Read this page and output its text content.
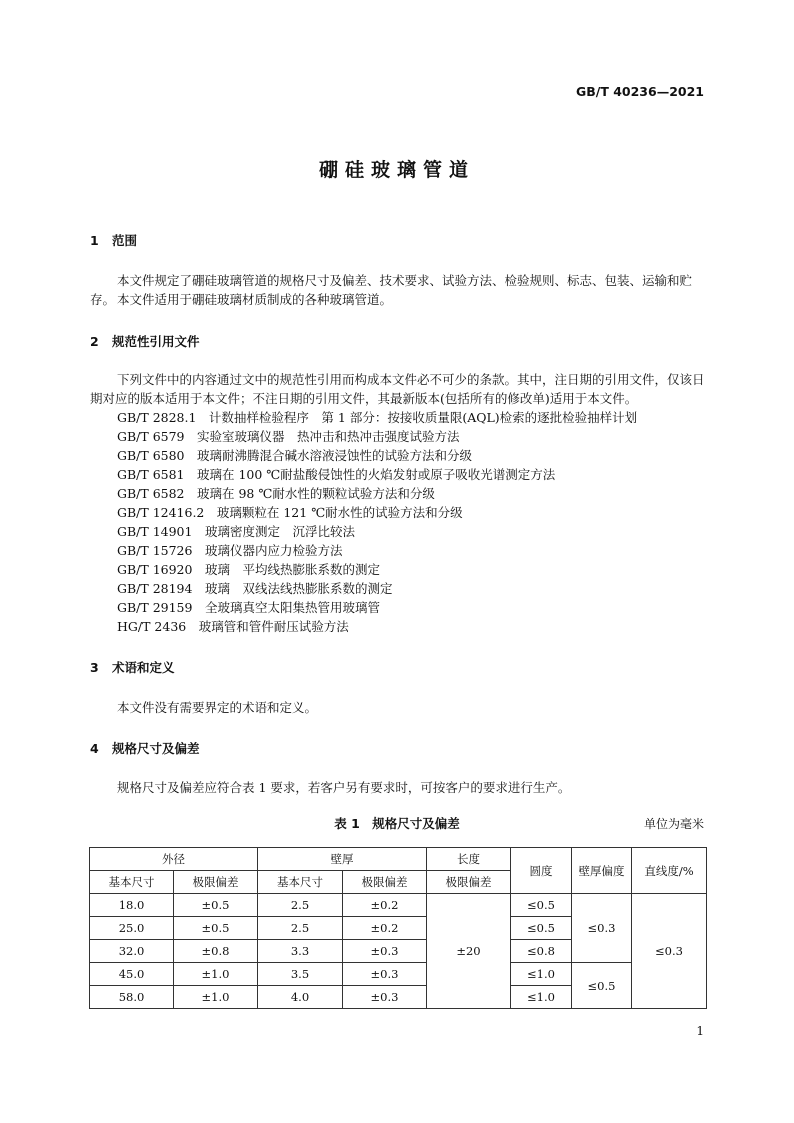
GB/T 40236—2021
硼硅玻璃管道
1 范围
本文件规定了硼硅玻璃管道的规格尺寸及偏差、技术要求、试验方法、检验规则、标志、包装、运输和贮存。 本文件适用于硼硅玻璃材质制成的各种玻璃管道。
2 规范性引用文件
下列文件中的内容通过文中的规范性引用而构成本文件必不可少的条款。其中，注日期的引用文件，仅该日期对应的版本适用于本文件；不注日期的引用文件，其最新版本(包括所有的修改单)适用于本文件。
GB/T 2828.1　计数抽样检验程序　第 1 部分：按接收质量限(AQL)检索的逐批检验抽样计划
GB/T 6579　实验室玻璃仪器　热冲击和热冲击强度试验方法
GB/T 6580　玻璃耐沸腾混合碱水溶液浸蚀性的试验方法和分级
GB/T 6581　玻璃在 100 ℃耐盐酸侵蚀性的火焰发射或原子吸收光谱测定方法
GB/T 6582　玻璃在 98 ℃耐水性的颗粒试验方法和分级
GB/T 12416.2　玻璃颗粒在 121 ℃耐水性的试验方法和分级
GB/T 14901　玻璃密度测定　沉浮比较法
GB/T 15726　玻璃仪器内应力检验方法
GB/T 16920　玻璃　平均线热膨胀系数的测定
GB/T 28194　玻璃　双线法线热膨胀系数的测定
GB/T 29159　全玻璃真空太阳集热管用玻璃管
HG/T 2436　玻璃管和管件耐压试验方法
3 术语和定义
本文件没有需要界定的术语和定义。
4 规格尺寸及偏差
规格尺寸及偏差应符合表 1 要求，若客户另有要求时，可按客户的要求进行生产。
表 1　规格尺寸及偏差	单位为毫米
外径		壁厚		长度	圆度	壁厚偏度	直线度/%
基本尺寸	极限偏差	基本尺寸	极限偏差	极限偏差			
18.0	±0.5	2.5	±0.2	±20	≤0.5	≤0.3	≤0.3
25.0	±0.5	2.5	±0.2		≤0.5		
32.0	±0.8	3.3	±0.3		≤0.8		
45.0	±1.0	3.5	±0.3		≤1.0	≤0.5	
58.0	±1.0	4.0	±0.3		≤1.0		
1
